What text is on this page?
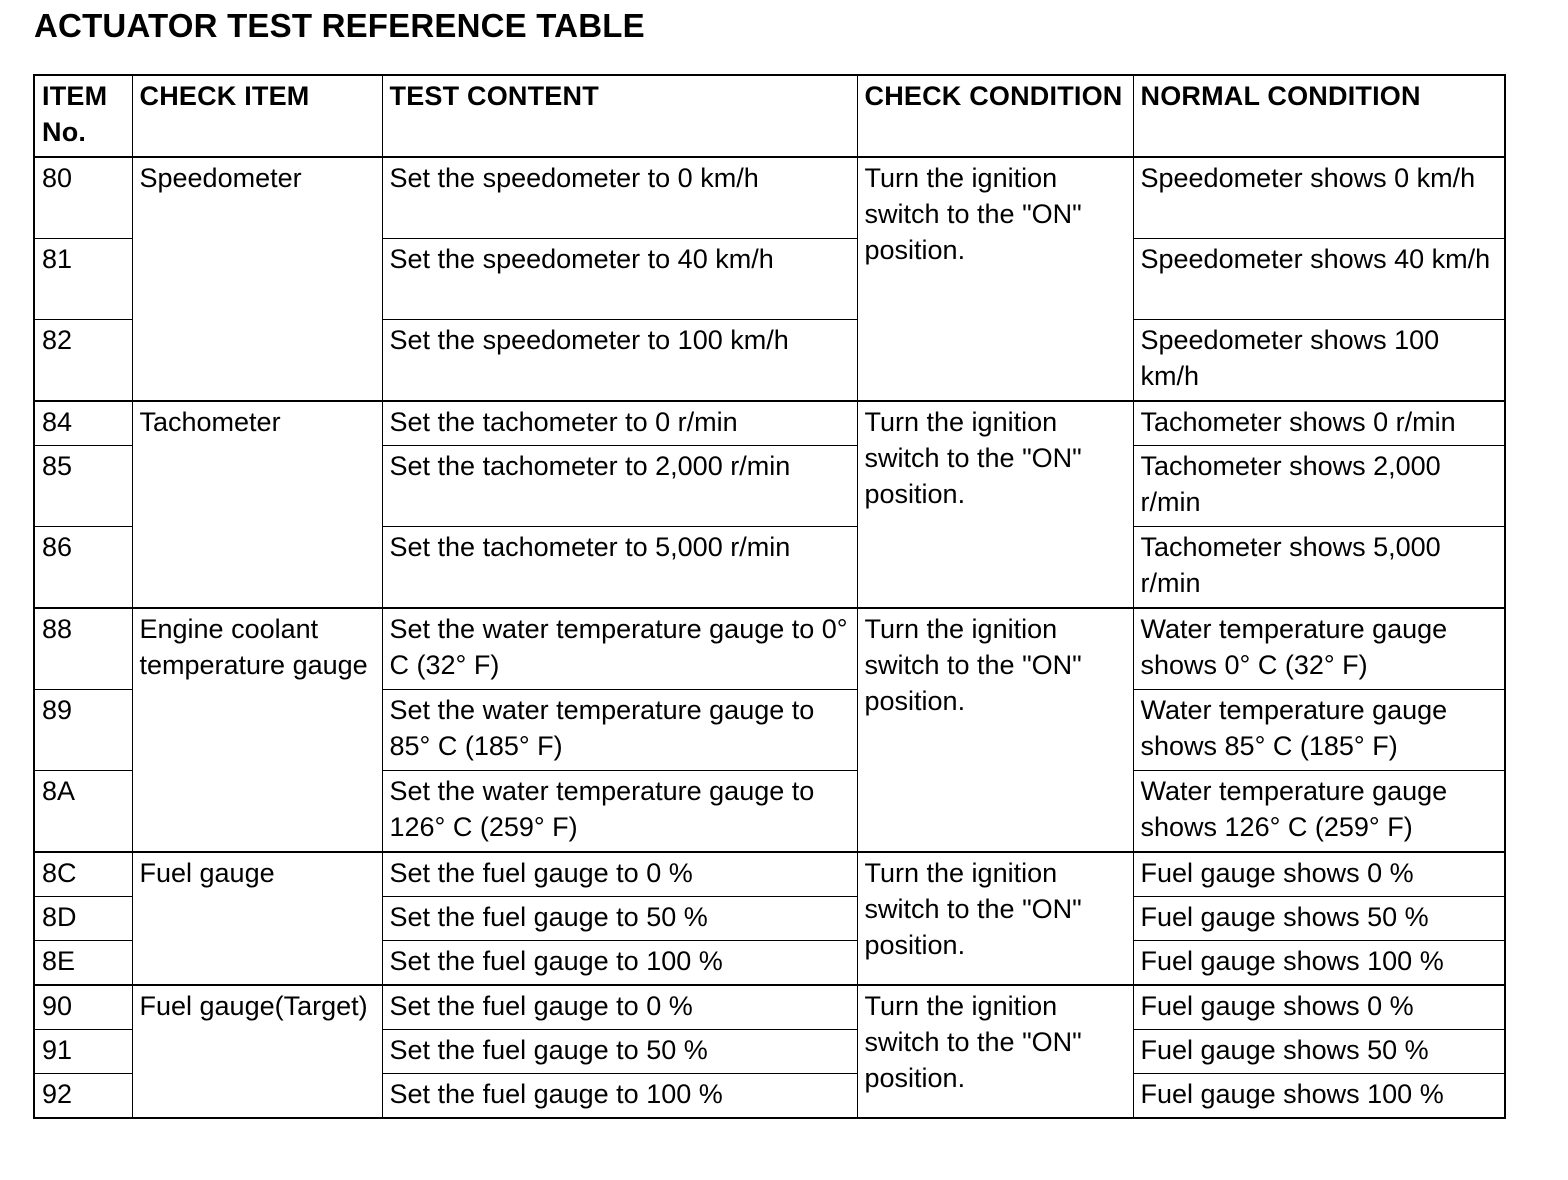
ACTUATOR TEST REFERENCE TABLE
ITEM No.	CHECK ITEM	TEST CONTENT	CHECK CONDITION	NORMAL CONDITION
80	Speedometer	Set the speedometer to 0 km/h	Turn the ignition switch to the "ON" position.	Speedometer shows 0 km/h
81		Set the speedometer to 40 km/h		Speedometer shows 40 km/h
82		Set the speedometer to 100 km/h		Speedometer shows 100 km/h
84	Tachometer	Set the tachometer to 0 r/min	Turn the ignition switch to the "ON" position.	Tachometer shows 0 r/min
85		Set the tachometer to 2,000 r/min		Tachometer shows 2,000 r/min
86		Set the tachometer to 5,000 r/min		Tachometer shows 5,000 r/min
88	Engine coolant temperature gauge	Set the water temperature gauge to 0° C (32° F)	Turn the ignition switch to the "ON" position.	Water temperature gauge shows 0° C (32° F)
89		Set the water temperature gauge to 85° C (185° F)		Water temperature gauge shows 85° C (185° F)
8A		Set the water temperature gauge to 126° C (259° F)		Water temperature gauge shows 126° C (259° F)
8C	Fuel gauge	Set the fuel gauge to 0 %	Turn the ignition switch to the "ON" position.	Fuel gauge shows 0 %
8D		Set the fuel gauge to 50 %		Fuel gauge shows 50 %
8E		Set the fuel gauge to 100 %		Fuel gauge shows 100 %
90	Fuel gauge(Target)	Set the fuel gauge to 0 %	Turn the ignition switch to the "ON" position.	Fuel gauge shows 0 %
91		Set the fuel gauge to 50 %		Fuel gauge shows 50 %
92		Set the fuel gauge to 100 %		Fuel gauge shows 100 %
